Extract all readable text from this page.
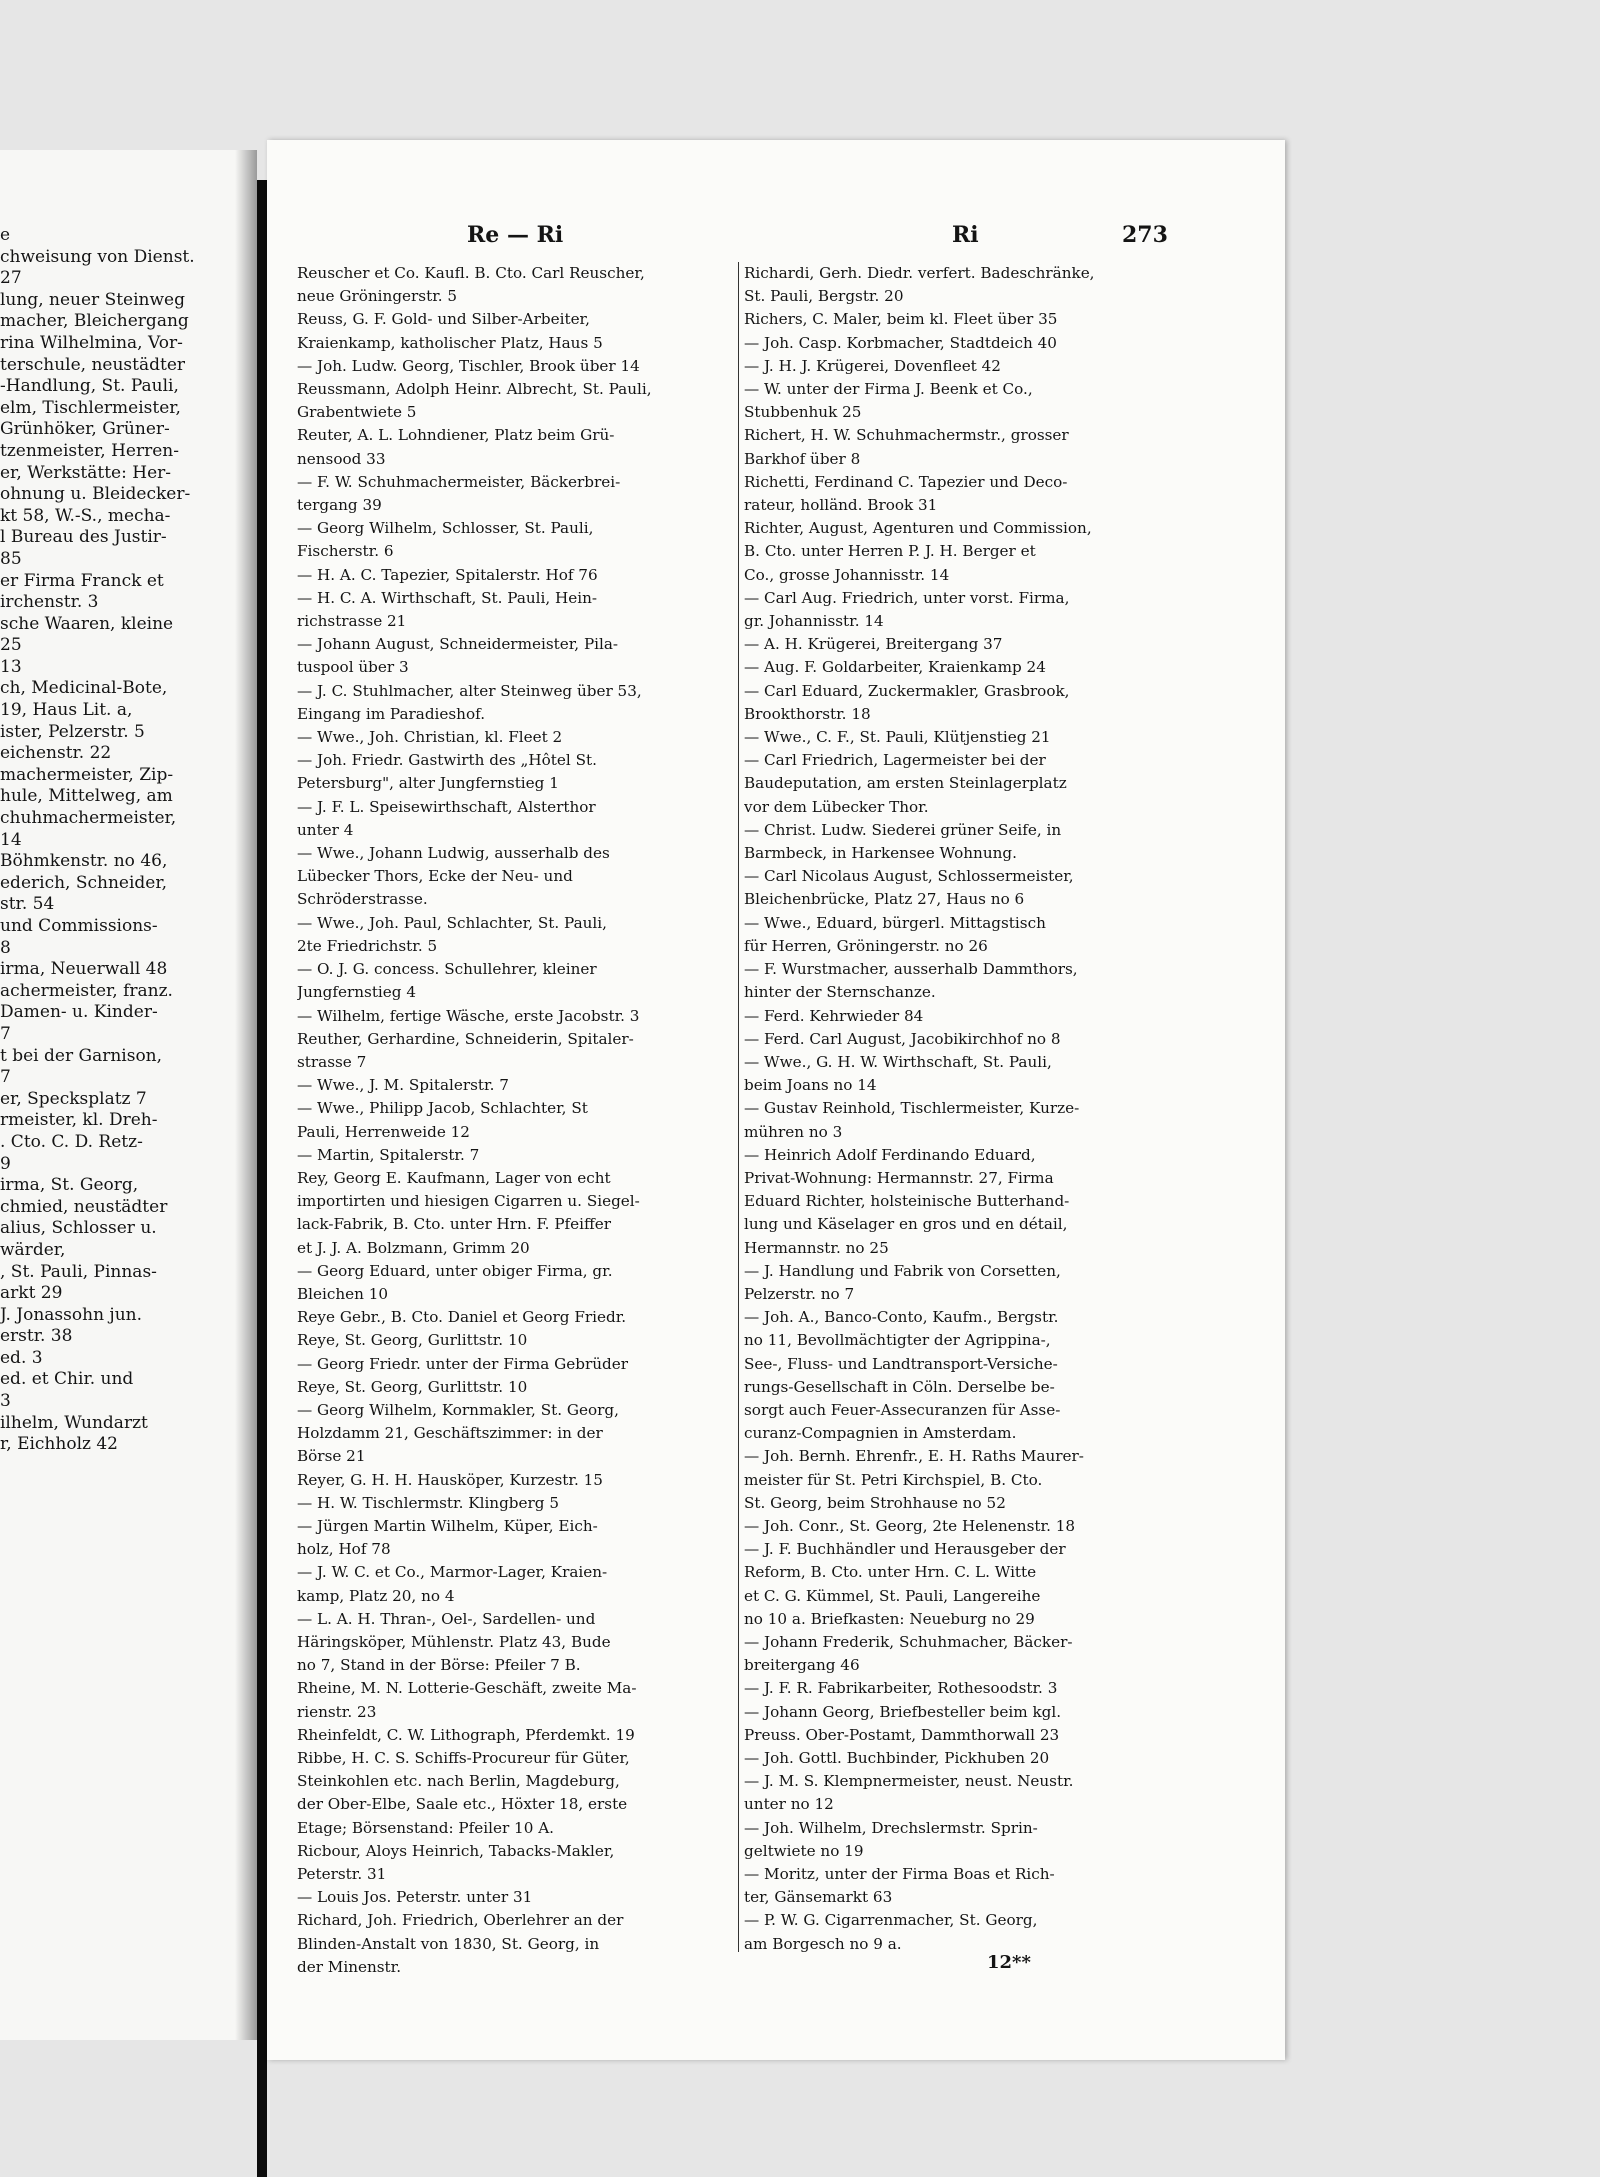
e
chweisung von Dienst.
27
lung, neuer Steinweg
macher, Bleichergang
rina Wilhelmina, Vor-
terschule, neustädter
-Handlung, St. Pauli,
elm, Tischlermeister,
Grünhöker, Grüner-
tzenmeister, Herren-
er, Werkstätte: Her-
ohnung u. Bleidecker-
kt 58, W.-S., mecha-
l Bureau des Justir-
85
er Firma Franck et
irchenstr. 3
sche Waaren, kleine
25
13
ch, Medicinal-Bote,
19, Haus Lit. a,
ister, Pelzerstr. 5
eichenstr. 22
machermeister, Zip-
hule, Mittelweg, am
chuhmachermeister,
14
Böhmkenstr. no 46,
ederich, Schneider,
str. 54
und Commissions-
8
irma, Neuerwall 48
achermeister, franz.
Damen- u. Kinder-
7
t bei der Garnison,
7
er, Specksplatz 7
rmeister, kl. Dreh-
. Cto. C. D. Retz-
9
irma, St. Georg,
chmied, neustädter
alius, Schlosser u.
wärder,
, St. Pauli, Pinnas-
arkt 29
J. Jonassohn jun.
erstr. 38
ed. 3
ed. et Chir. und
3
ilhelm, Wundarzt
r, Eichholz 42
Re — Ri	Ri	273
Reuscher et Co. Kaufl. B. Cto. Carl Reuscher,
neue Gröningerstr. 5
Reuss, G. F. Gold- und Silber-Arbeiter,
Kraienkamp, katholischer Platz, Haus 5
— Joh. Ludw. Georg, Tischler, Brook über 14
Reussmann, Adolph Heinr. Albrecht, St. Pauli,
Grabentwiete 5
Reuter, A. L. Lohndiener, Platz beim Grü-
nensood 33
— F. W. Schuhmachermeister, Bäckerbrei-
tergang 39
— Georg Wilhelm, Schlosser, St. Pauli,
Fischerstr. 6
— H. A. C. Tapezier, Spitalerstr. Hof 76
— H. C. A. Wirthschaft, St. Pauli, Hein-
richstrasse 21
— Johann August, Schneidermeister, Pila-
tuspool über 3
— J. C. Stuhlmacher, alter Steinweg über 53,
Eingang im Paradieshof.
— Wwe., Joh. Christian, kl. Fleet 2
— Joh. Friedr. Gastwirth des „Hôtel St.
Petersburg", alter Jungfernstieg 1
— J. F. L. Speisewirthschaft, Alsterthor
unter 4
— Wwe., Johann Ludwig, ausserhalb des
Lübecker Thors, Ecke der Neu- und
Schröderstrasse.
— Wwe., Joh. Paul, Schlachter, St. Pauli,
2te Friedrichstr. 5
— O. J. G. concess. Schullehrer, kleiner
Jungfernstieg 4
— Wilhelm, fertige Wäsche, erste Jacobstr. 3
Reuther, Gerhardine, Schneiderin, Spitaler-
strasse 7
— Wwe., J. M. Spitalerstr. 7
— Wwe., Philipp Jacob, Schlachter, St
Pauli, Herrenweide 12
— Martin, Spitalerstr. 7
Rey, Georg E. Kaufmann, Lager von echt
importirten und hiesigen Cigarren u. Siegel-
lack-Fabrik, B. Cto. unter Hrn. F. Pfeiffer
et J. J. A. Bolzmann, Grimm 20
— Georg Eduard, unter obiger Firma, gr.
Bleichen 10
Reye Gebr., B. Cto. Daniel et Georg Friedr.
Reye, St. Georg, Gurlittstr. 10
— Georg Friedr. unter der Firma Gebrüder
Reye, St. Georg, Gurlittstr. 10
— Georg Wilhelm, Kornmakler, St. Georg,
Holzdamm 21, Geschäftszimmer: in der
Börse 21
Reyer, G. H. H. Hausköper, Kurzestr. 15
— H. W. Tischlermstr. Klingberg 5
— Jürgen Martin Wilhelm, Küper, Eich-
holz, Hof 78
— J. W. C. et Co., Marmor-Lager, Kraien-
kamp, Platz 20, no 4
— L. A. H. Thran-, Oel-, Sardellen- und
Häringsköper, Mühlenstr. Platz 43, Bude
no 7, Stand in der Börse: Pfeiler 7 B.
Rheine, M. N. Lotterie-Geschäft, zweite Ma-
rienstr. 23
Rheinfeldt, C. W. Lithograph, Pferdemkt. 19
Ribbe, H. C. S. Schiffs-Procureur für Güter,
Steinkohlen etc. nach Berlin, Magdeburg,
der Ober-Elbe, Saale etc., Höxter 18, erste
Etage; Börsenstand: Pfeiler 10 A.
Ricbour, Aloys Heinrich, Tabacks-Makler,
Peterstr. 31
— Louis Jos. Peterstr. unter 31
Richard, Joh. Friedrich, Oberlehrer an der
Blinden-Anstalt von 1830, St. Georg, in
der Minenstr.
Richardi, Gerh. Diedr. verfert. Badeschränke,
St. Pauli, Bergstr. 20
Richers, C. Maler, beim kl. Fleet über 35
— Joh. Casp. Korbmacher, Stadtdeich 40
— J. H. J. Krügerei, Dovenfleet 42
— W. unter der Firma J. Beenk et Co.,
Stubbenhuk 25
Richert, H. W. Schuhmachermstr., grosser
Barkhof über 8
Richetti, Ferdinand C. Tapezier und Deco-
rateur, holländ. Brook 31
Richter, August, Agenturen und Commission,
B. Cto. unter Herren P. J. H. Berger et
Co., grosse Johannisstr. 14
— Carl Aug. Friedrich, unter vorst. Firma,
gr. Johannisstr. 14
— A. H. Krügerei, Breitergang 37
— Aug. F. Goldarbeiter, Kraienkamp 24
— Carl Eduard, Zuckermakler, Grasbrook,
Brookthorstr. 18
— Wwe., C. F., St. Pauli, Klütjenstieg 21
— Carl Friedrich, Lagermeister bei der
Baudeputation, am ersten Steinlagerplatz
vor dem Lübecker Thor.
— Christ. Ludw. Siederei grüner Seife, in
Barmbeck, in Harkensee Wohnung.
— Carl Nicolaus August, Schlossermeister,
Bleichenbrücke, Platz 27, Haus no 6
— Wwe., Eduard, bürgerl. Mittagstisch
für Herren, Gröningerstr. no 26
— F. Wurstmacher, ausserhalb Dammthors,
hinter der Sternschanze.
— Ferd. Kehrwieder 84
— Ferd. Carl August, Jacobikirchhof no 8
— Wwe., G. H. W. Wirthschaft, St. Pauli,
beim Joans no 14
— Gustav Reinhold, Tischlermeister, Kurze-
mühren no 3
— Heinrich Adolf Ferdinando Eduard,
Privat-Wohnung: Hermannstr. 27, Firma
Eduard Richter, holsteinische Butterhand-
lung und Käselager en gros und en détail,
Hermannstr. no 25
— J. Handlung und Fabrik von Corsetten,
Pelzerstr. no 7
— Joh. A., Banco-Conto, Kaufm., Bergstr.
no 11, Bevollmächtigter der Agrippina-,
See-, Fluss- und Landtransport-Versiche-
rungs-Gesellschaft in Cöln. Derselbe be-
sorgt auch Feuer-Assecuranzen für Asse-
curanz-Compagnien in Amsterdam.
— Joh. Bernh. Ehrenfr., E. H. Raths Maurer-
meister für St. Petri Kirchspiel, B. Cto.
St. Georg, beim Strohhause no 52
— Joh. Conr., St. Georg, 2te Helenenstr. 18
— J. F. Buchhändler und Herausgeber der
Reform, B. Cto. unter Hrn. C. L. Witte
et C. G. Kümmel, St. Pauli, Langereihe
no 10 a. Briefkasten: Neueburg no 29
— Johann Frederik, Schuhmacher, Bäcker-
breitergang 46
— J. F. R. Fabrikarbeiter, Rothesoodstr. 3
— Johann Georg, Briefbesteller beim kgl.
Preuss. Ober-Postamt, Dammthorwall 23
— Joh. Gottl. Buchbinder, Pickhuben 20
— J. M. S. Klempnermeister, neust. Neustr.
unter no 12
— Joh. Wilhelm, Drechslermstr. Sprin-
geltwiete no 19
— Moritz, unter der Firma Boas et Rich-
ter, Gänsemarkt 63
— P. W. G. Cigarrenmacher, St. Georg,
am Borgesch no 9 a.
12**
